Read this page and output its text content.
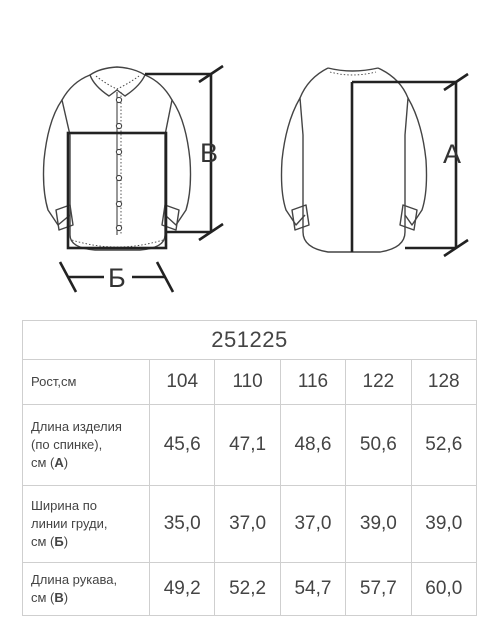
В
Б
А
251225					
Рост,см	104	110	116	122	128
Длина изделия
(по спинке),
см (А)	45,6	47,1	48,6	50,6	52,6
Ширина по
линии груди,
см (Б)	35,0	37,0	37,0	39,0	39,0
Длина рукава,
см (В)	49,2	52,2	54,7	57,7	60,0
